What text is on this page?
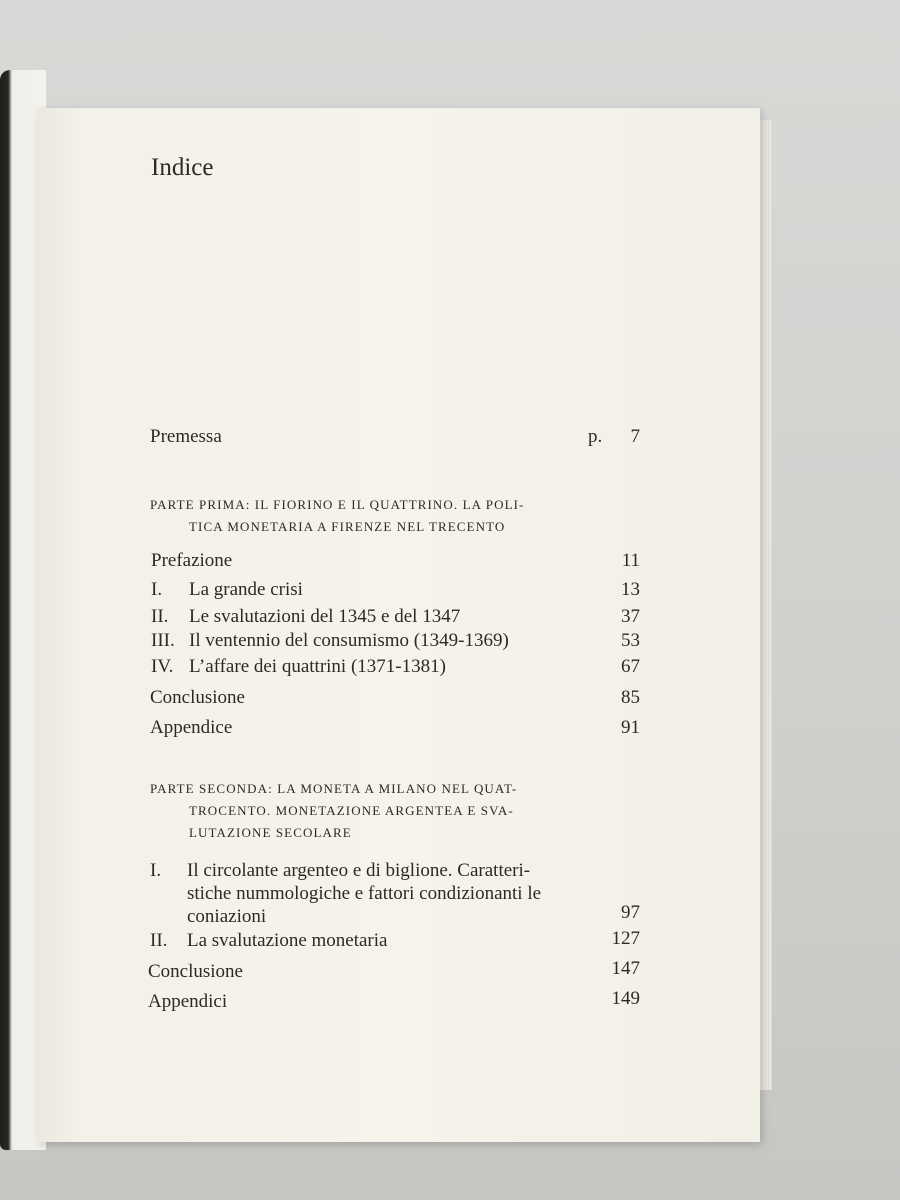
Indice
Premessa	p.	7
PARTE PRIMA: IL FIORINO E IL QUATTRINO. LA POLI-
TICA MONETARIA A FIRENZE NEL TRECENTO
Prefazione	11
I. La grande crisi	13
II. Le svalutazioni del 1345 e del 1347	37
III. Il ventennio del consumismo (1349-1369)	53
IV. L’affare dei quattrini (1371-1381)	67
Conclusione	85
Appendice	91
PARTE SECONDA: LA MONETA A MILANO NEL QUAT-
TROCENTO. MONETAZIONE ARGENTEA E SVA-
LUTAZIONE SECOLARE
I. Il circolante argenteo e di biglione. Caratteri-
stiche nummologiche e fattori condizionanti le
coniazioni	97
II. La svalutazione monetaria	127
Conclusione	147
Appendici	149
